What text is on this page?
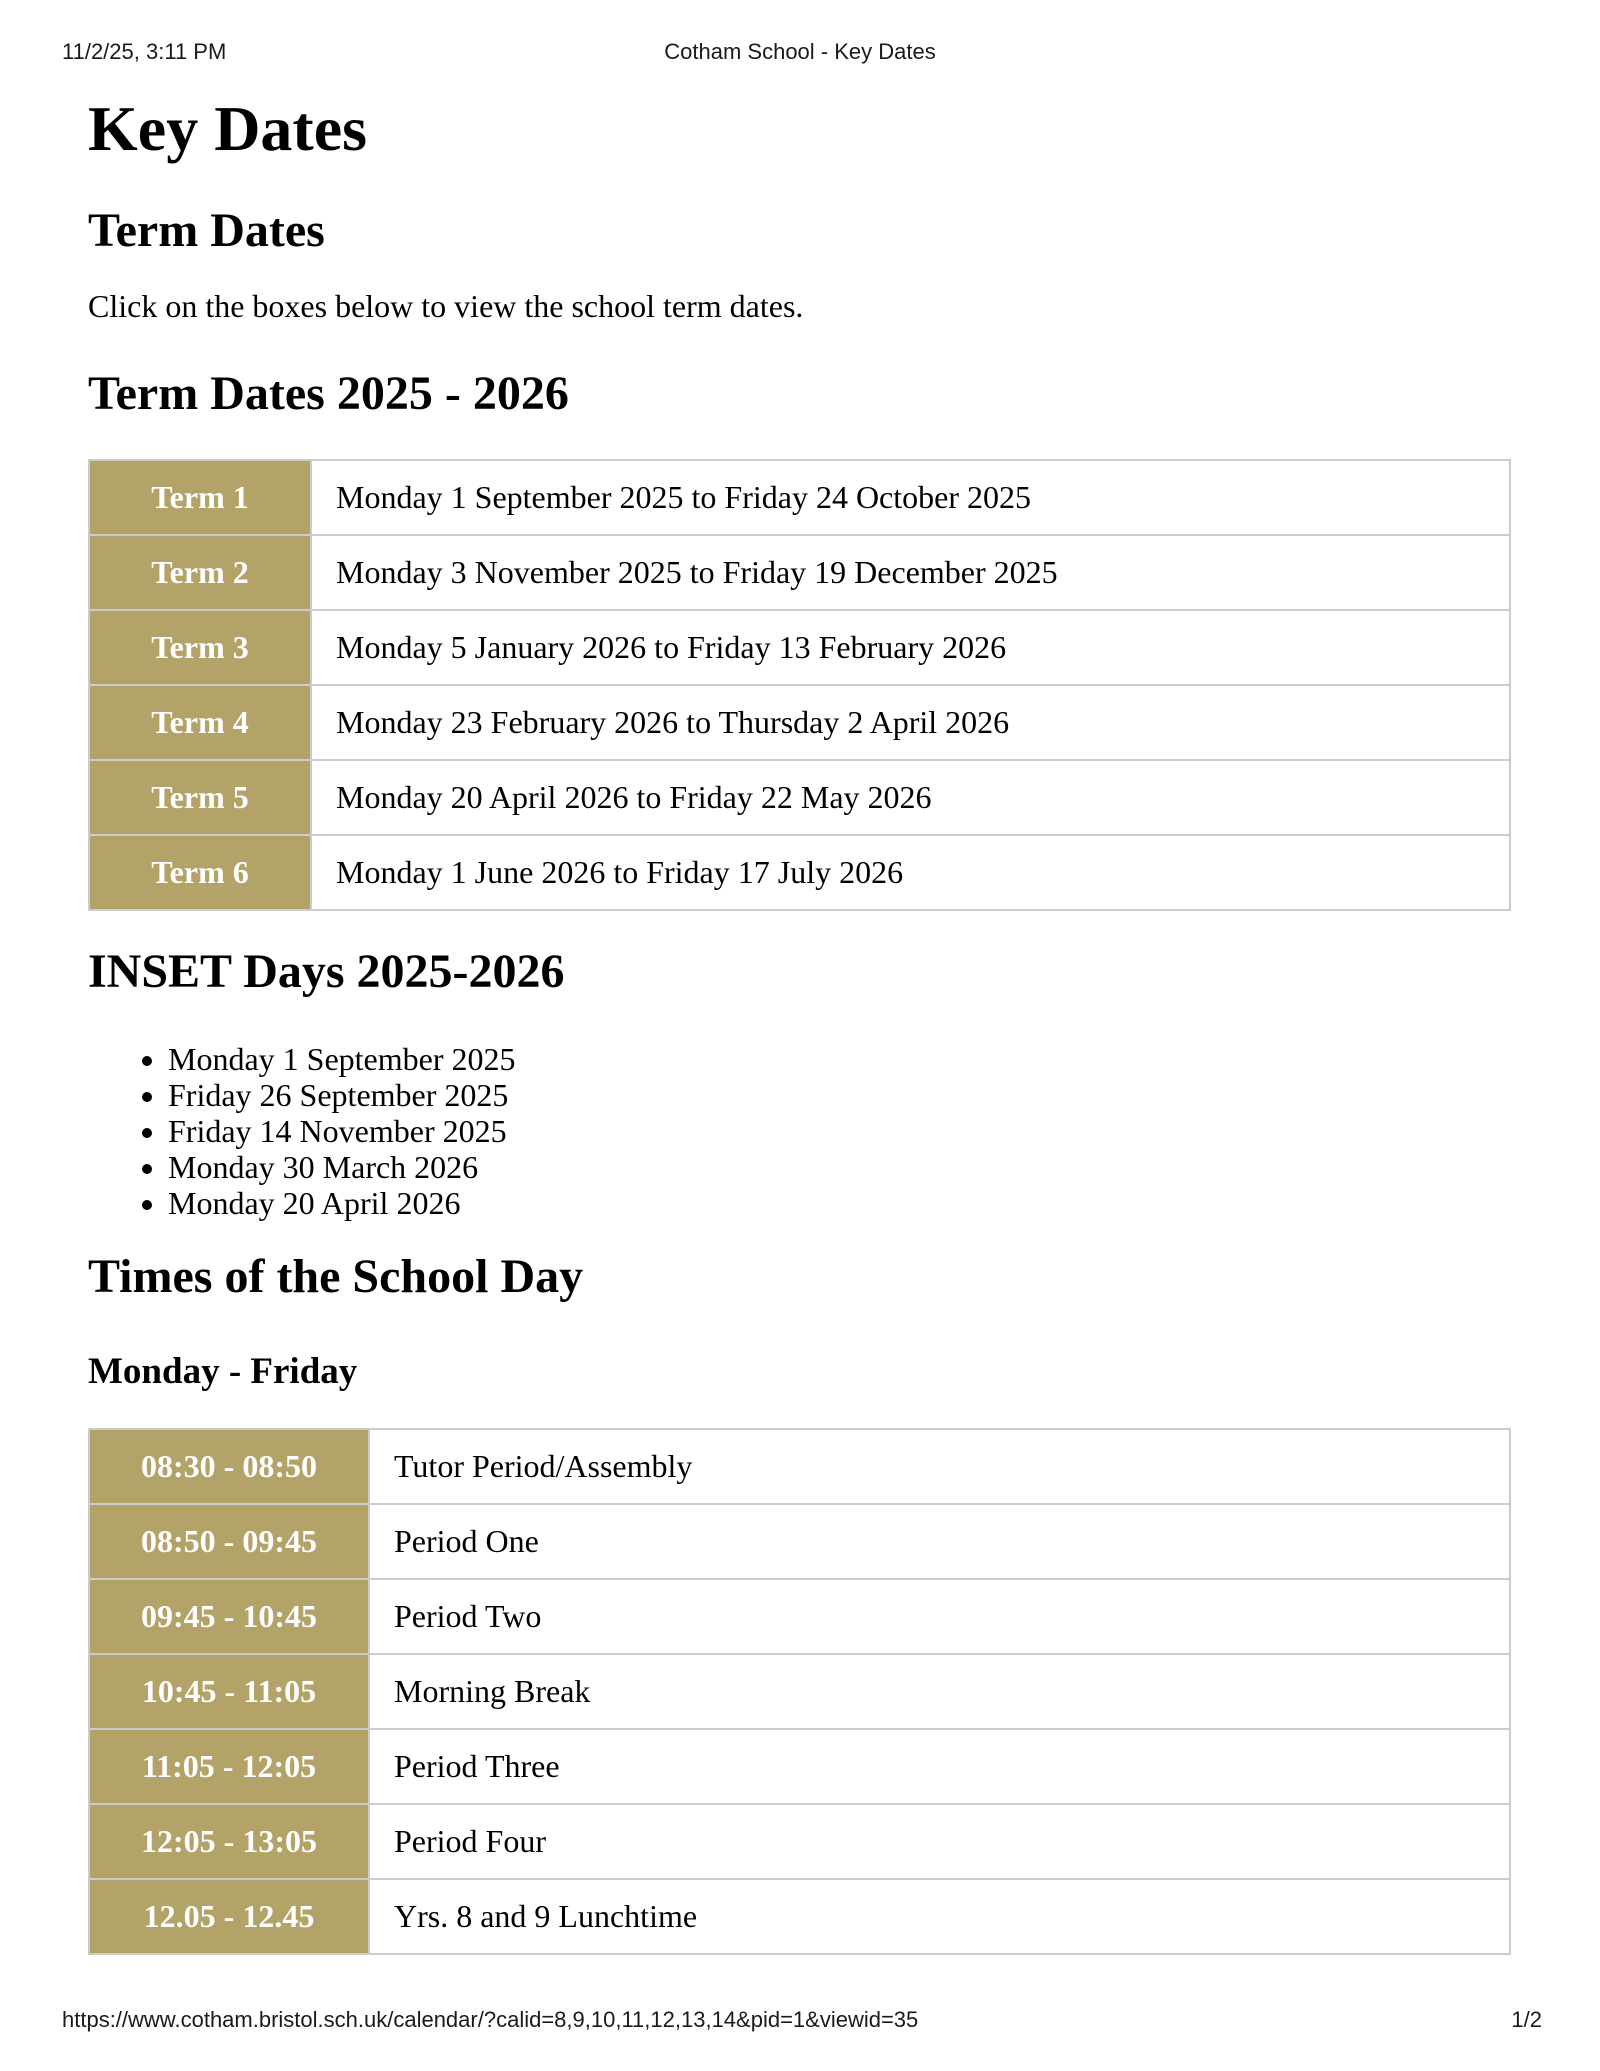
11/2/25, 3:11 PM	Cotham School - Key Dates
Key Dates
Term Dates

Click on the boxes below to view the school term dates.

Term Dates 2025 - 2026
Term 1	Monday 1 September 2025 to Friday 24 October 2025
Term 2	Monday 3 November 2025 to Friday 19 December 2025
Term 3	Monday 5 January 2026 to Friday 13 February 2026
Term 4	Monday 23 February 2026 to Thursday 2 April 2026
Term 5	Monday 20 April 2026 to Friday 22 May 2026
Term 6	Monday 1 June 2026 to Friday 17 July 2026
INSET Days 2025-2026
• Monday 1 September 2025
• Friday 26 September 2025
• Friday 14 November 2025
• Monday 30 March 2026
• Monday 20 April 2026
Times of the School Day
Monday - Friday
08:30 - 08:50	Tutor Period/Assembly
08:50 - 09:45	Period One
09:45 - 10:45	Period Two
10:45 - 11:05	Morning Break
11:05 - 12:05	Period Three
12:05 - 13:05	Period Four
12.05 - 12.45	Yrs. 8 and 9 Lunchtime
https://www.cotham.bristol.sch.uk/calendar/?calid=8,9,10,11,12,13,14&pid=1&viewid=35	1/2
